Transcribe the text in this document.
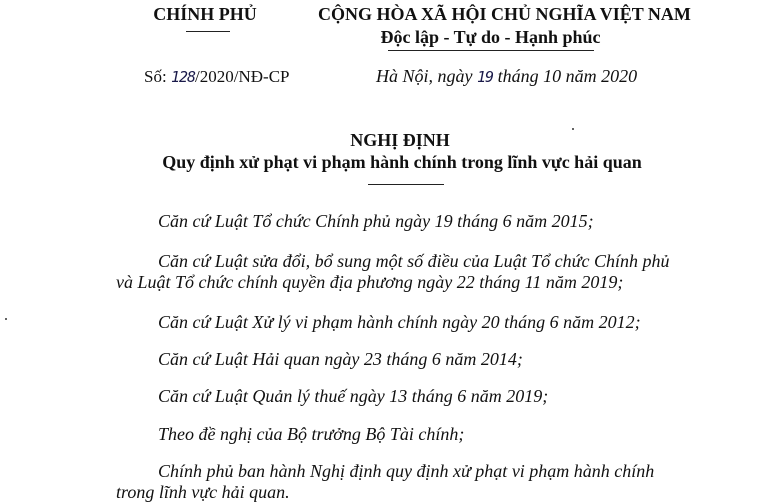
CHÍNH PHỦ	CỘNG HÒA XÃ HỘI CHỦ NGHĨA VIỆT NAM
Độc lập - Tự do - Hạnh phúc
Số: 128/2020/NĐ-CP	Hà Nội, ngày 19 tháng 10 năm 2020
NGHỊ ĐỊNH
Quy định xử phạt vi phạm hành chính trong lĩnh vực hải quan
Căn cứ Luật Tổ chức Chính phủ ngày 19 tháng 6 năm 2015;
Căn cứ Luật sửa đổi, bổ sung một số điều của Luật Tổ chức Chính phủ
và Luật Tổ chức chính quyền địa phương ngày 22 tháng 11 năm 2019;
Căn cứ Luật Xử lý vi phạm hành chính ngày 20 tháng 6 năm 2012;
Căn cứ Luật Hải quan ngày 23 tháng 6 năm 2014;
Căn cứ Luật Quản lý thuế ngày 13 tháng 6 năm 2019;
Theo đề nghị của Bộ trưởng Bộ Tài chính;
Chính phủ ban hành Nghị định quy định xử phạt vi phạm hành chính
trong lĩnh vực hải quan.
